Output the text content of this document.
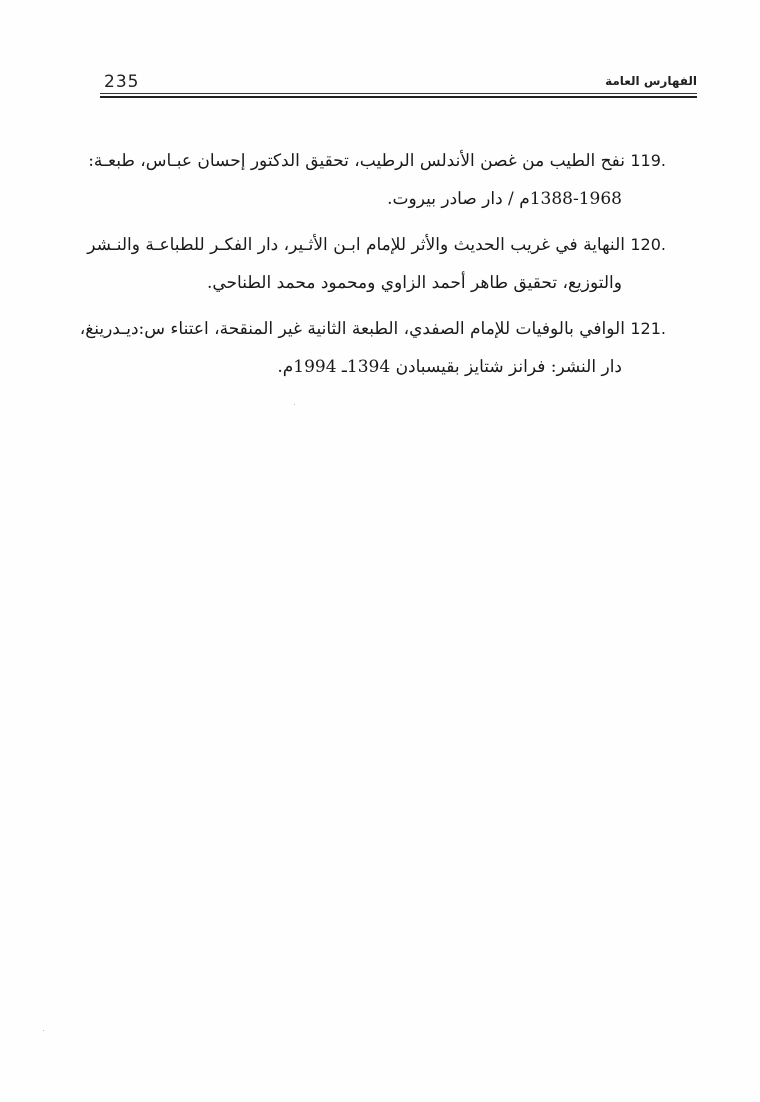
235	الفهارس العامة
119. نفح الطيب من غصن الأندلس الرطيب، تحقيق الدكتور إحسان عبـاس، طبعـة:
1388-1968م / دار صادر بيروت.
120. النهاية في غريب الحديث والأثر للإمام ابـن الأثـير، دار الفكـر للطباعـة والنـشر
والتوزيع، تحقيق طاهر أحمد الزاوي ومحمود محمد الطناحي.
121. الوافي بالوفيات للإمام الصفدي، الطبعة الثانية غير المنقحة، اعتناء س:ديـدرينغ،
دار النشر: فرانز شتايز بقيسبادن 1394ـ 1994م.
